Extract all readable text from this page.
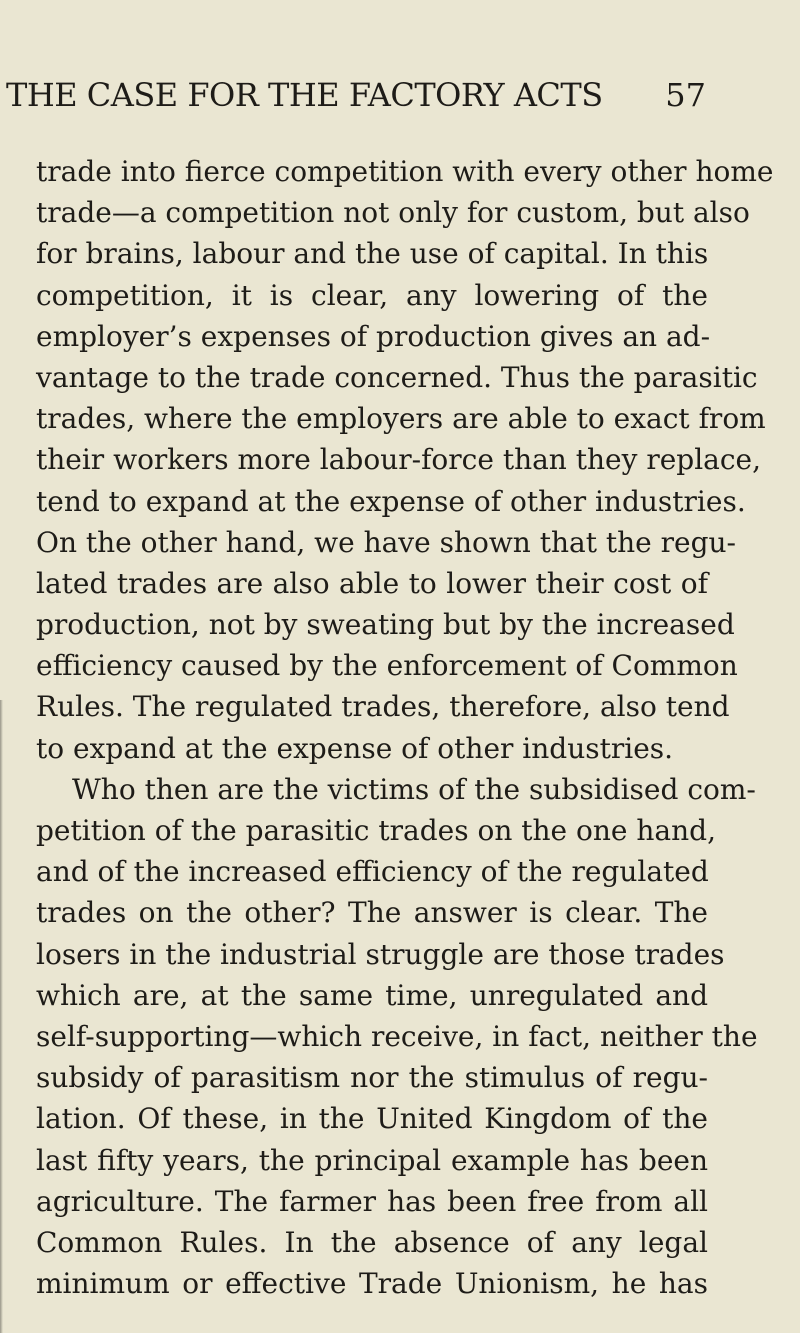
THE CASE FOR THE FACTORY ACTS 57
trade into fierce competition with every other home
trade—a competition not only for custom, but also
for brains, labour and the use of capital. In this
competition, it is clear, any lowering of the
employer’s expenses of production gives an ad-
vantage to the trade concerned. Thus the parasitic
trades, where the employers are able to exact from
their workers more labour-force than they replace,
tend to expand at the expense of other industries.
On the other hand, we have shown that the regu-
lated trades are also able to lower their cost of
production, not by sweating but by the increased
efficiency caused by the enforcement of Common
Rules. The regulated trades, therefore, also tend
to expand at the expense of other industries.
Who then are the victims of the subsidised com-
petition of the parasitic trades on the one hand,
and of the increased efficiency of the regulated
trades on the other? The answer is clear. The
losers in the industrial struggle are those trades
which are, at the same time, unregulated and
self-supporting—which receive, in fact, neither the
subsidy of parasitism nor the stimulus of regu-
lation. Of these, in the United Kingdom of the
last fifty years, the principal example has been
agriculture. The farmer has been free from all
Common Rules. In the absence of any legal
minimum or effective Trade Unionism, he has
